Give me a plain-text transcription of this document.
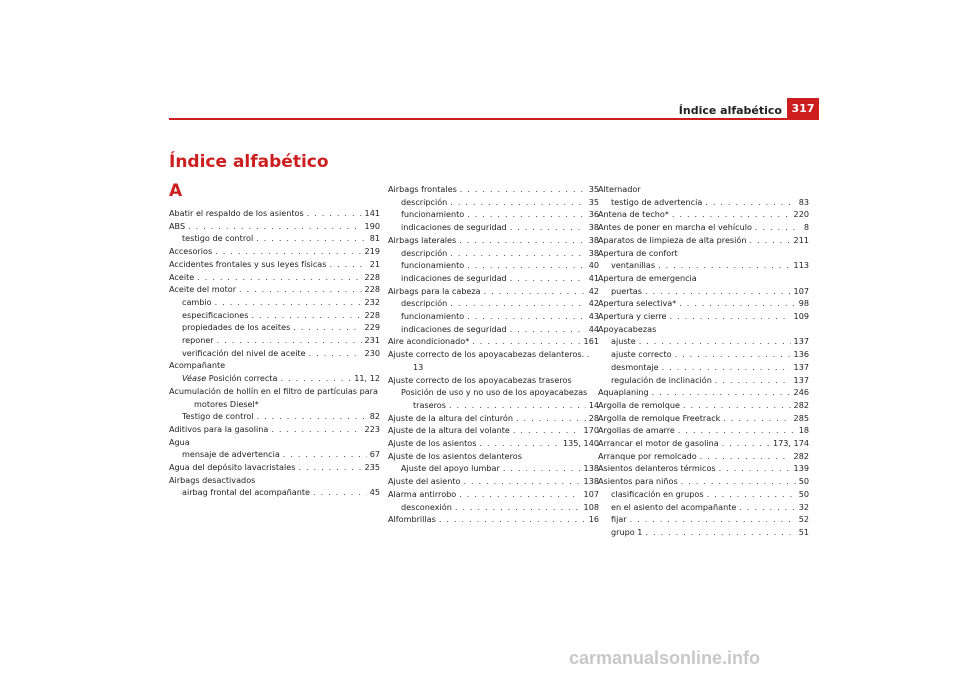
Índice alfabético 317
Índice alfabético
A
Abatir el respaldo de los asientos . . .	141
ABS . . .	190
testigo de control . . .	81
Accesorios . . .	219
Accidentes frontales y sus leyes físicas . . .	21
Aceite . . .	228
Aceite del motor . . .	228
cambio . . .	232
especificaciones . . .	228
propiedades de los aceites . . .	229
reponer . . .	231
verificación del nivel de aceite . . .	230
Acompañante
Véase Posición correcta . . .	11, 12
Acumulación de hollín en el filtro de partículas para
motores Diesel*
Testigo de control . . .	82
Aditivos para la gasolina . . .	223
Agua
mensaje de advertencia . . .	67
Agua del depósito lavacristales . . .	235
Airbags desactivados
airbag frontal del acompañante . . .	45
Airbags frontales . . .	35
descripción . . .	35
funcionamiento . . .	36
indicaciones de seguridad . . .	38
Airbags laterales . . .	38
descripción . . .	38
funcionamiento . . .	40
indicaciones de seguridad . . .	41
Airbags para la cabeza . . .	42
descripción . . .	42
funcionamiento . . .	43
indicaciones de seguridad . . .	44
Aire acondicionado* . . .	161
Ajuste correcto de los apoyacabezas delanteros . .
13
Ajuste correcto de los apoyacabezas traseros
Posición de uso y no uso de los apoyacabezas
traseros . . .	14
Ajuste de la altura del cinturón . . .	28
Ajuste de la altura del volante . . .	170
Ajuste de los asientos . . .	135, 140
Ajuste de los asientos delanteros
Ajuste del apoyo lumbar . . .	138
Ajuste del asiento . . .	138
Alarma antirrobo . . .	107
desconexión . . .	108
Alfombrillas . . .	16
Alternador
testigo de advertencia . . .	83
Antena de techo* . . .	220
Antes de poner en marcha el vehículo . . .	8
Aparatos de limpieza de alta presión . . .	211
Apertura de confort
ventanillas . . .	113
Apertura de emergencia
puertas . . .	107
Apertura selectiva* . . .	98
Apertura y cierre . . .	109
Apoyacabezas
ajuste . . .	137
ajuste correcto . . .	136
desmontaje . . .	137
regulación de inclinación . . .	137
Aquaplaning . . .	246
Argolla de remolque . . .	282
Argolla de remolque Freetrack . . .	285
Argollas de amarre . . .	18
Arrancar el motor de gasolina . . .	173, 174
Arranque por remolcado . . .	282
Asientos delanteros térmicos . . .	139
Asientos para niños . . .	50
clasificación en grupos . . .	50
en el asiento del acompañante . . .	32
fijar . . .	52
grupo 1 . . .	51
carmanualsonline.info
